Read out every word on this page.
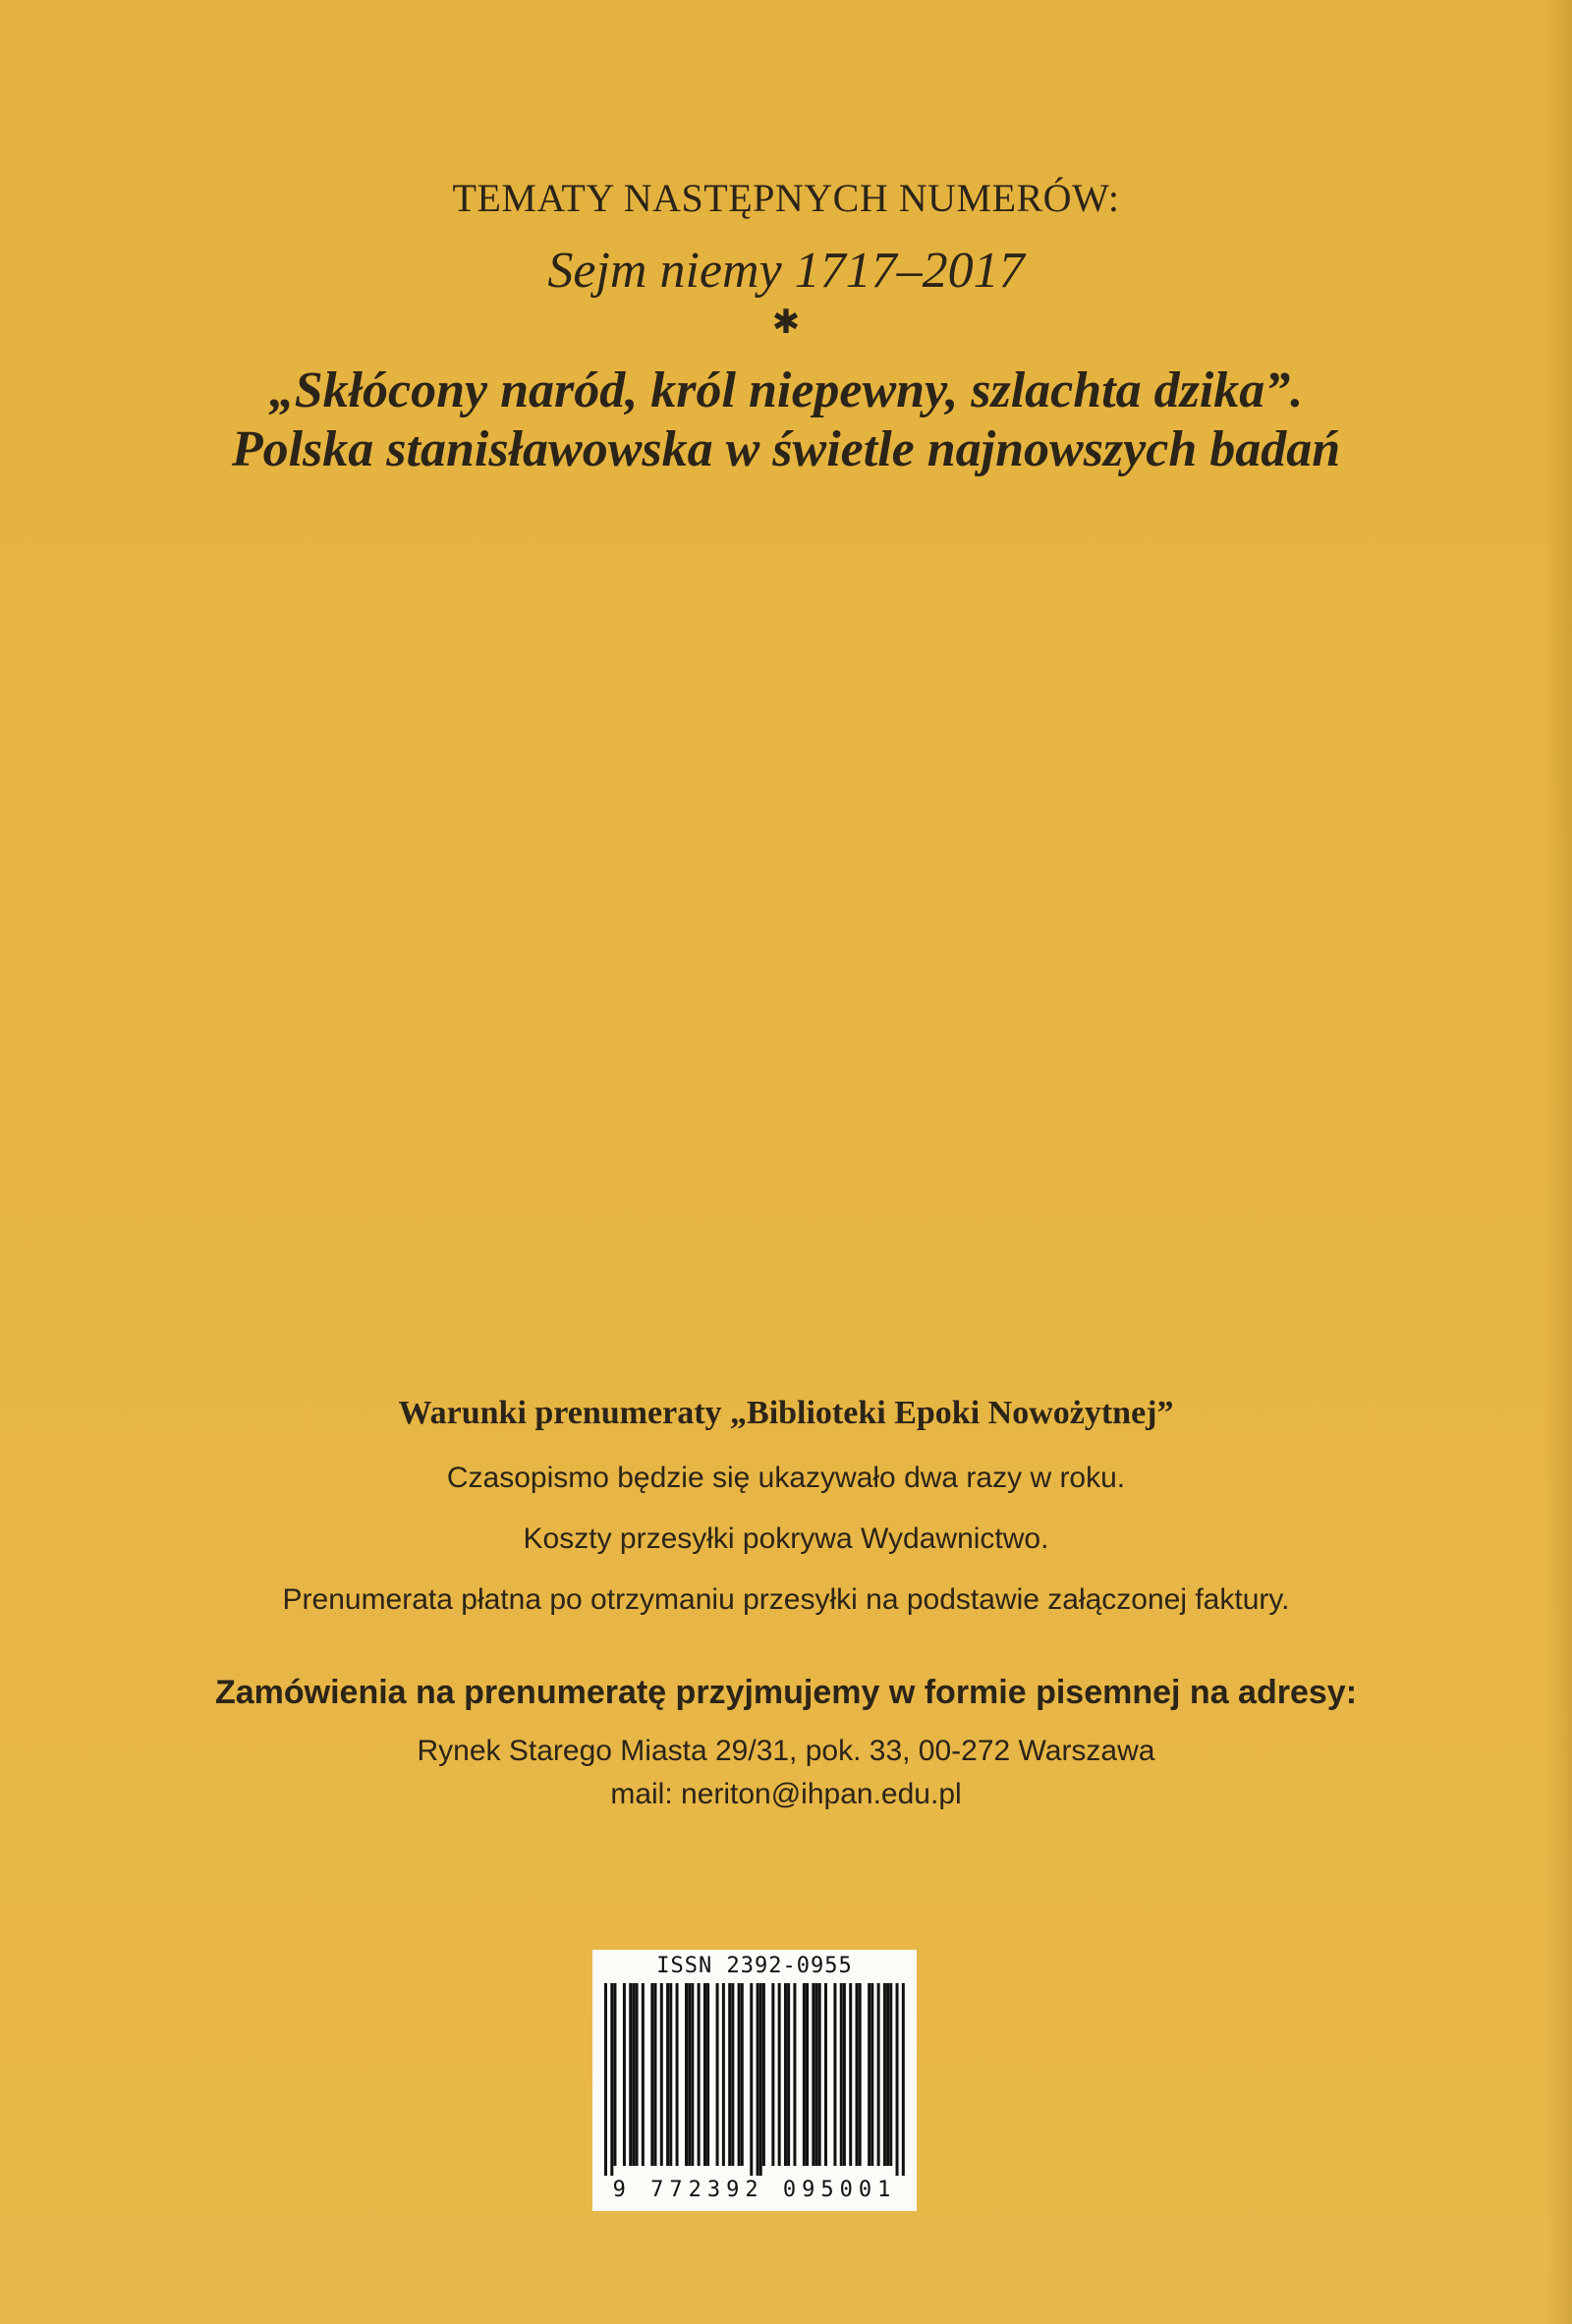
TEMATY NASTĘPNYCH NUMERÓW:
Sejm niemy 1717–2017
✱
„Skłócony naród, król niepewny, szlachta dzika”.
Polska stanisławowska w świetle najnowszych badań
Warunki prenumeraty „Biblioteki Epoki Nowożytnej”
Czasopismo będzie się ukazywało dwa razy w roku.
Koszty przesyłki pokrywa Wydawnictwo.
Prenumerata płatna po otrzymaniu przesyłki na podstawie załączonej faktury.
Zamówienia na prenumeratę przyjmujemy w formie pisemnej na adresy:
Rynek Starego Miasta 29/31, pok. 33, 00-272 Warszawa
mail: neriton@ihpan.edu.pl
ISSN 2392-0955
9 772392 095001
